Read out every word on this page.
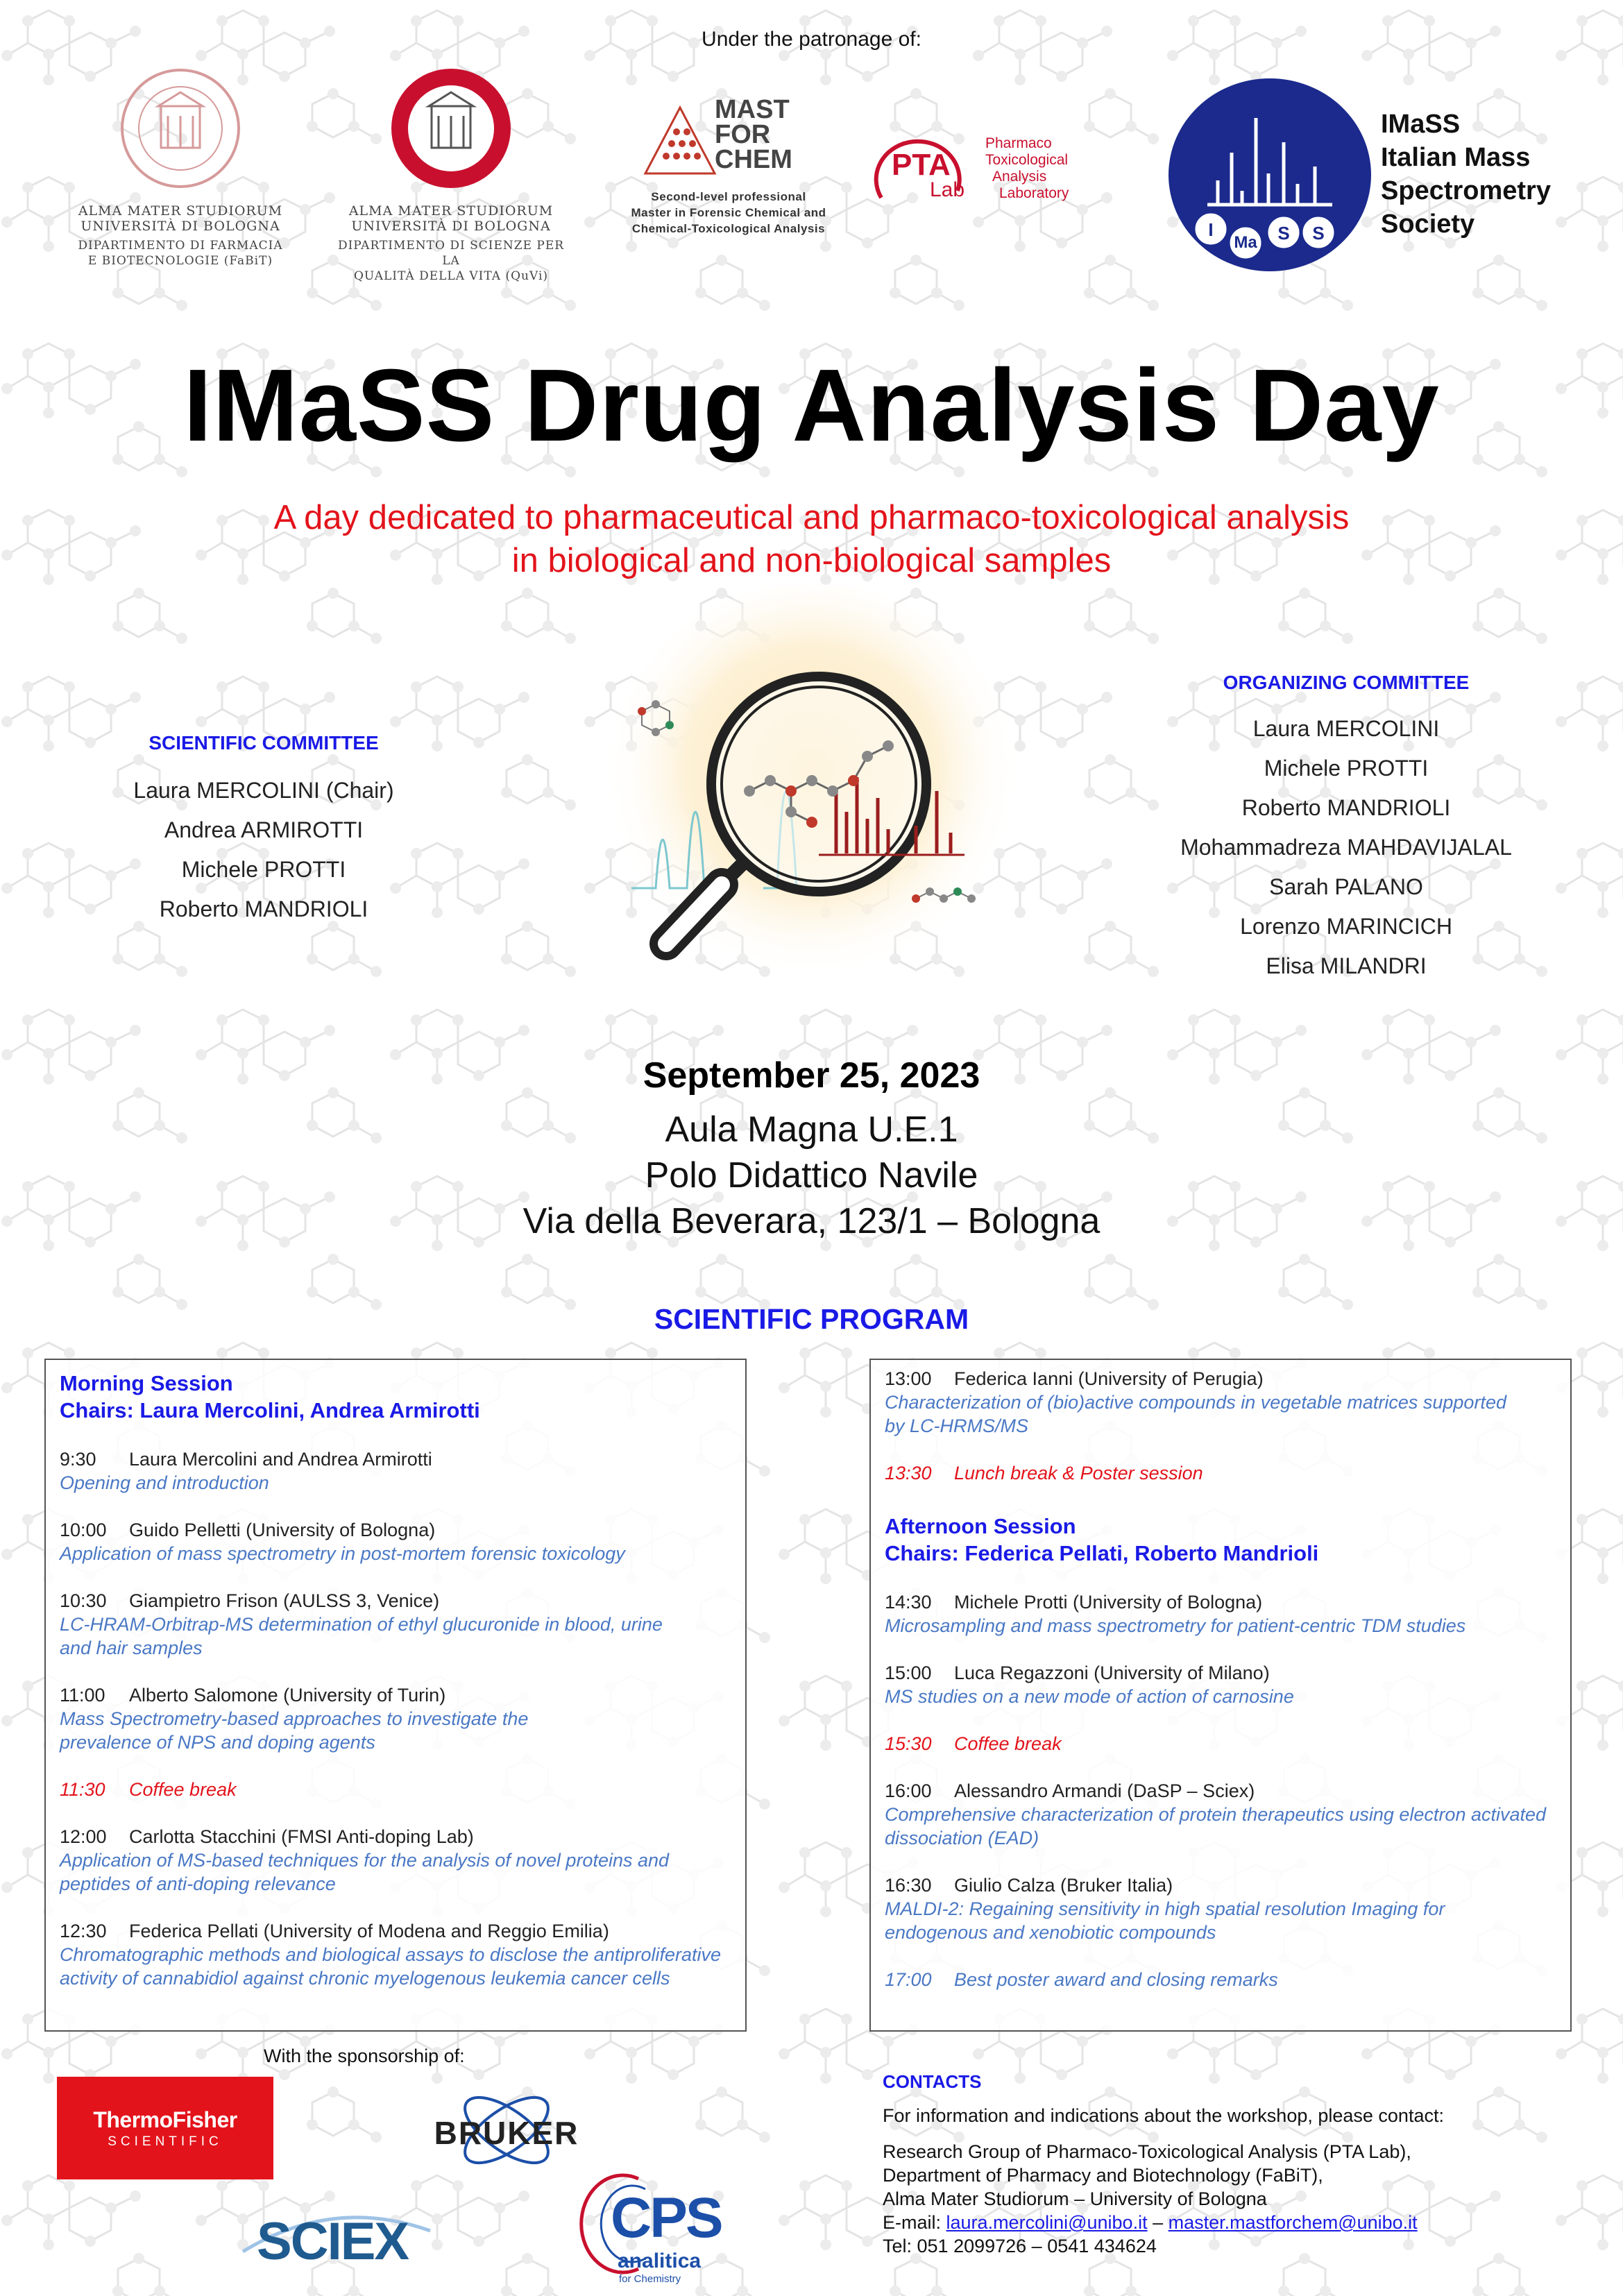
Under the patronage of:
ALMA MATER STUDIORUM
UNIVERSITÀ DI BOLOGNA
DIPARTIMENTO DI FARMACIA
E BIOTECNOLOGIE (FaBiT)
ALMA MATER STUDIORUM
UNIVERSITÀ DI BOLOGNA
DIPARTIMENTO DI SCIENZE PER LA
QUALITÀ DELLA VITA (QuVi)
MAST
FOR
CHEM
Second-level professional
Master in Forensic Chemical and
Chemical-Toxicological Analysis
PTA
Lab
Pharmaco
Toxicological
Analysis
Laboratory
I
Ma S S
IMaSS
Italian Mass
Spectrometry
Society
IMaSS Drug Analysis Day
A day dedicated to pharmaceutical and pharmaco-toxicological analysis
in biological and non-biological samples
SCIENTIFIC COMMITTEE
Laura MERCOLINI (Chair)
Andrea ARMIROTTI
Michele PROTTI
Roberto MANDRIOLI
ORGANIZING COMMITTEE
Laura MERCOLINI
Michele PROTTI
Roberto MANDRIOLI
Mohammadreza MAHDAVIJALAL
Sarah PALANO
Lorenzo MARINCICH
Elisa MILANDRI
September 25, 2023
Aula Magna U.E.1
Polo Didattico Navile
Via della Beverara, 123/1 – Bologna
SCIENTIFIC PROGRAM
Morning Session
Chairs: Laura Mercolini, Andrea Armirotti
9:30 Laura Mercolini and Andrea Armirotti
Opening and introduction
10:00 Guido Pelletti (University of Bologna)
Application of mass spectrometry in post-mortem forensic toxicology
10:30 Giampietro Frison (AULSS 3, Venice)
LC-HRAM-Orbitrap-MS determination of ethyl glucuronide in blood, urine and hair samples
11:00 Alberto Salomone (University of Turin)
Mass Spectrometry-based approaches to investigate the prevalence of NPS and doping agents
11:30 Coffee break
12:00 Carlotta Stacchini (FMSI Anti-doping Lab)
Application of MS-based techniques for the analysis of novel proteins and peptides of anti-doping relevance
12:30 Federica Pellati (University of Modena and Reggio Emilia)
Chromatographic methods and biological assays to disclose the antiproliferative activity of cannabidiol against chronic myelogenous leukemia cancer cells
13:00 Federica Ianni (University of Perugia)
Characterization of (bio)active compounds in vegetable matrices supported by LC-HRMS/MS
13:30 Lunch break & Poster session
Afternoon Session
Chairs: Federica Pellati, Roberto Mandrioli
14:30 Michele Protti (University of Bologna)
Microsampling and mass spectrometry for patient-centric TDM studies
15:00 Luca Regazzoni (University of Milano)
MS studies on a new mode of action of carnosine
15:30 Coffee break
16:00 Alessandro Armandi (DaSP – Sciex)
Comprehensive characterization of protein therapeutics using electron activated dissociation (EAD)
16:30 Giulio Calza (Bruker Italia)
MALDI-2: Regaining sensitivity in high spatial resolution Imaging for endogenous and xenobiotic compounds
17:00 Best poster award and closing remarks
With the sponsorship of:
ThermoFisher
SCIENTIFIC	BRUKER
SCIEX	CPS
analitica
for Chemistry
CONTACTS
For information and indications about the workshop, please contact:
Research Group of Pharmaco-Toxicological Analysis (PTA Lab),
Department of Pharmacy and Biotechnology (FaBiT),
Alma Mater Studiorum – University of Bologna
E-mail: laura.mercolini@unibo.it – master.mastforchem@unibo.it
Tel: 051 2099726 – 0541 434624
